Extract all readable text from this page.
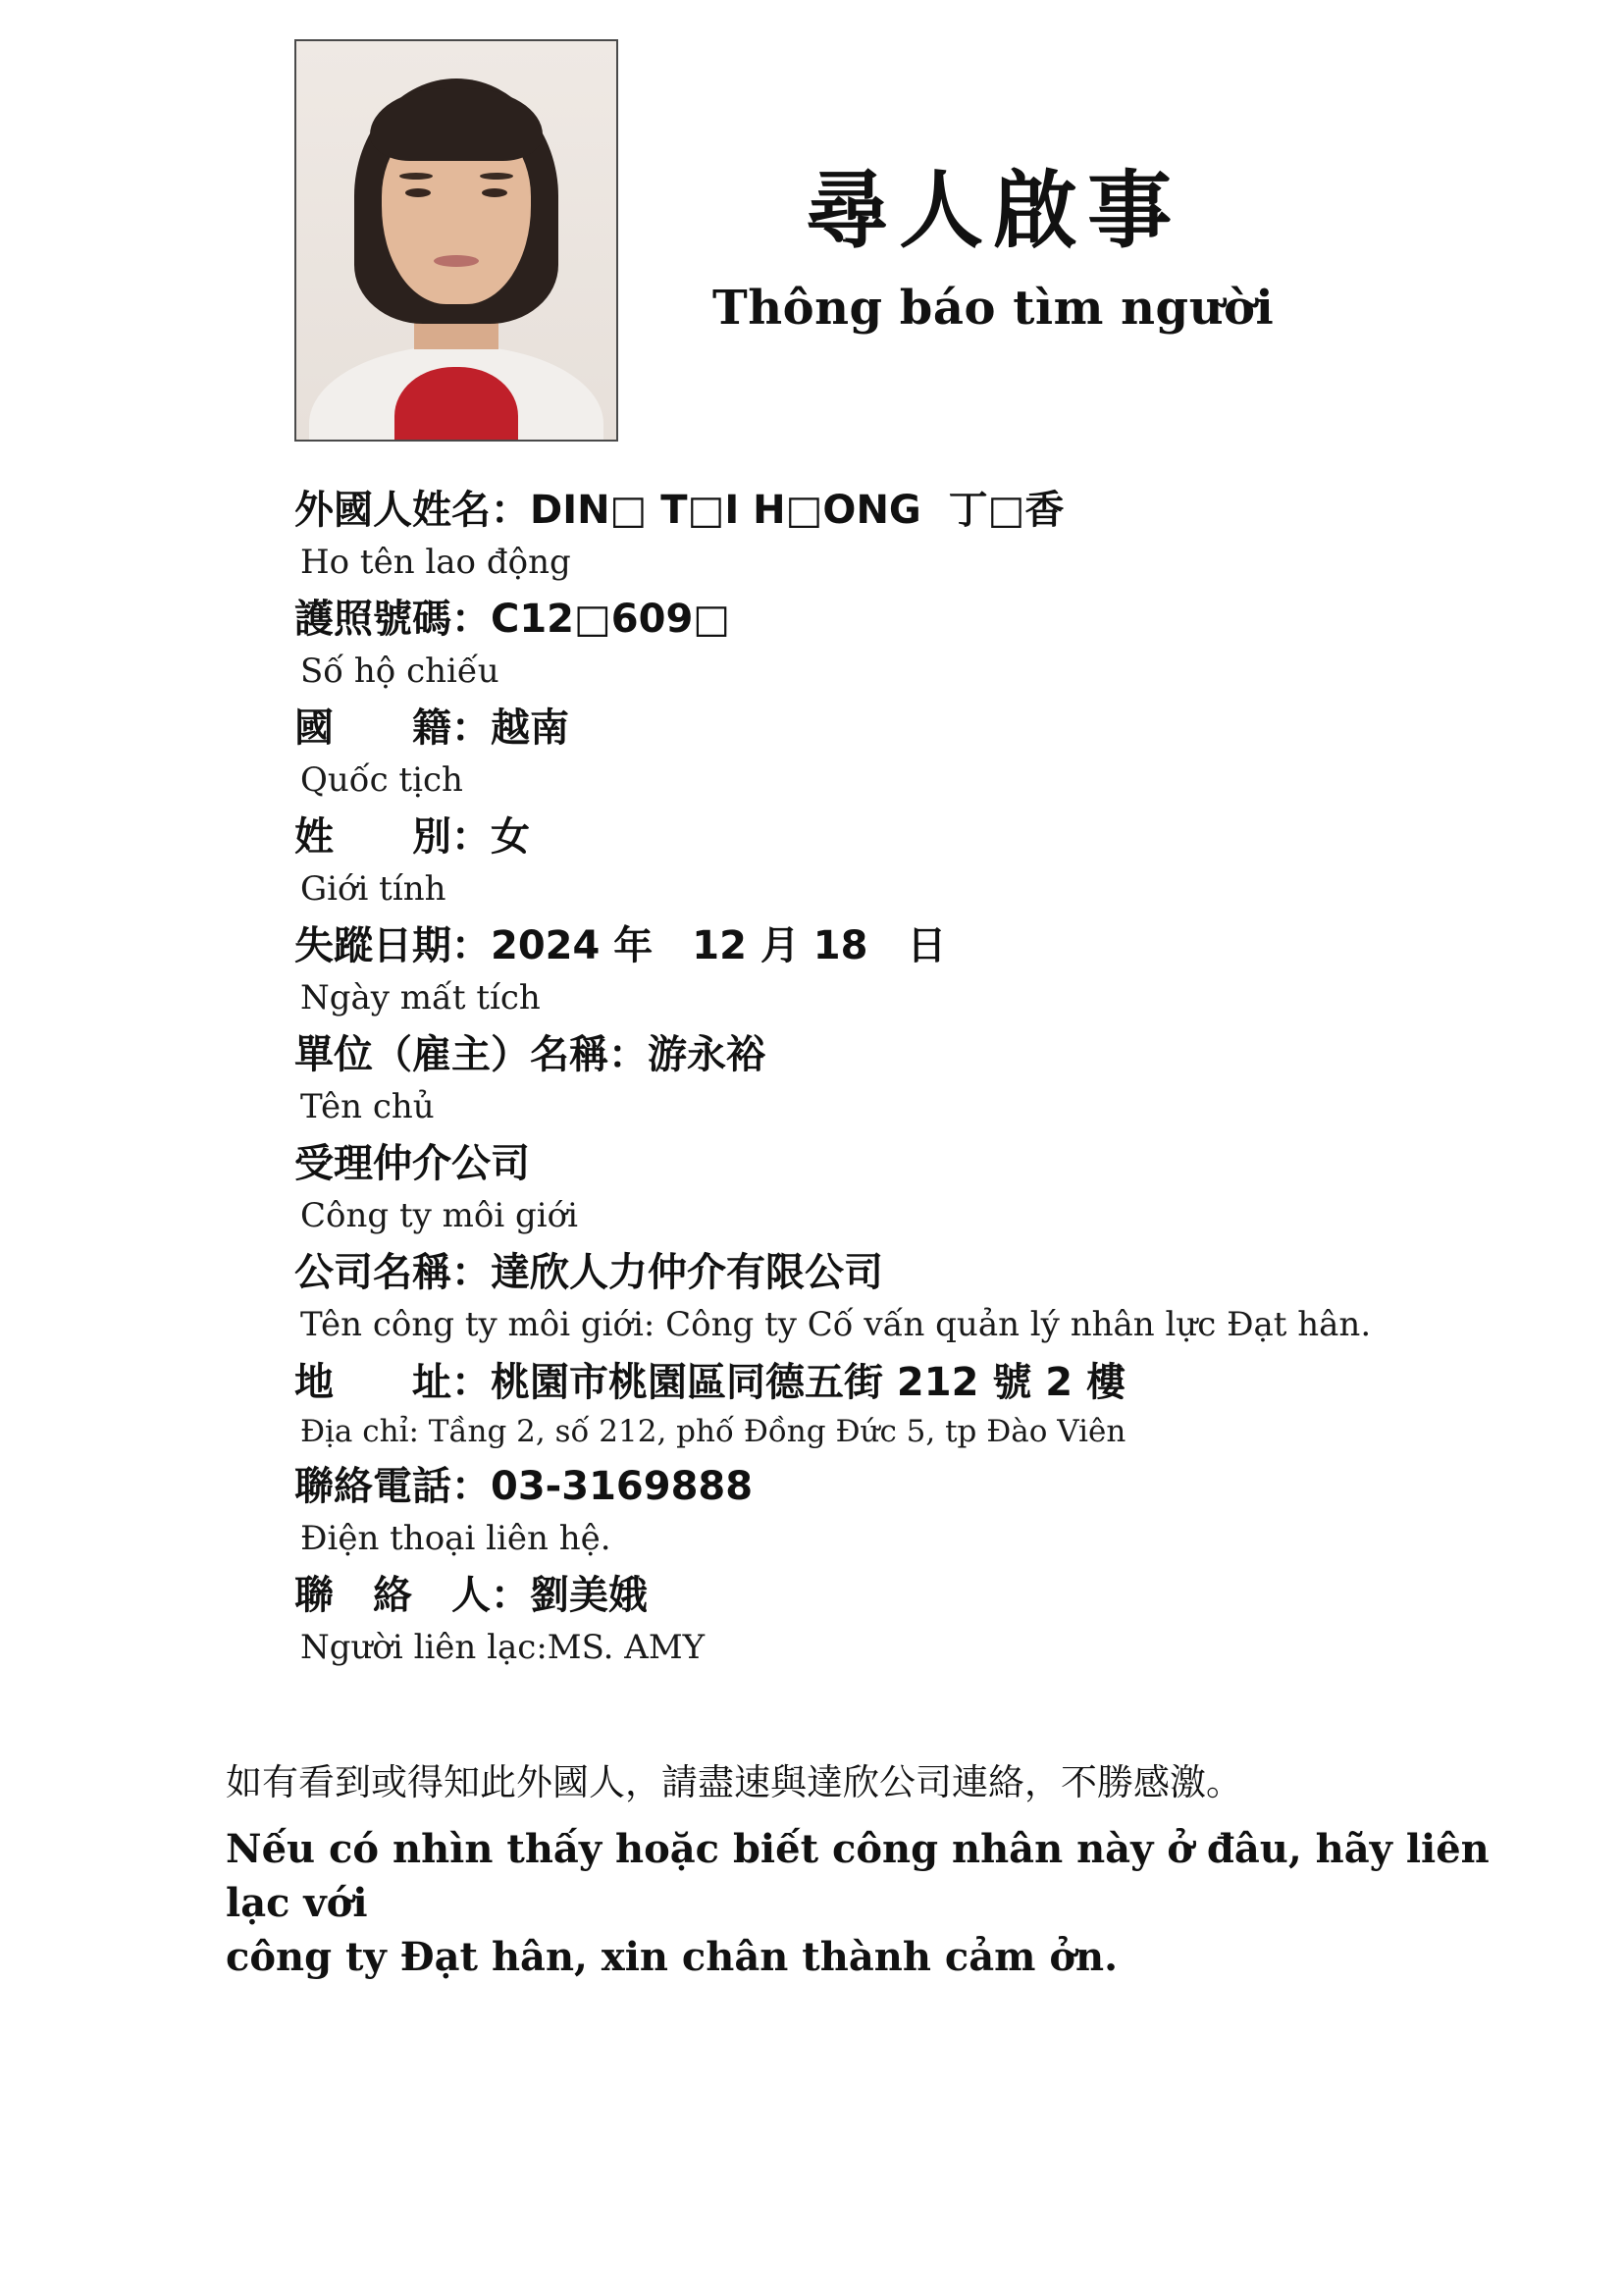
尋人啟事
Thông báo tìm người
外國人姓名：DIN□ T□I H□ONG  丁□香
Ho tên lao động
護照號碼：C12□609□
Số hộ chiếu
國　　籍：越南
Quốc tịch
姓　　別：女
Giới tính
失蹤日期：2024 年　12 月 18　日
Ngày mất tích
單位（雇主）名稱：游永裕
Tên chủ
受理仲介公司
Công ty môi giới
公司名稱：達欣人力仲介有限公司
Tên công ty môi giới: Công ty Cố vấn quản lý nhân lực Đạt hân.
地　　址：桃園市桃園區同德五街 212 號 2 樓
Địa chỉ: Tầng 2, số 212, phố Đồng Đức 5, tp Đào Viên
聯絡電話：03-3169888
Điện thoại liên hệ.
聯　絡　人：劉美娥
Người liên lạc:MS. AMY
如有看到或得知此外國人，請盡速與達欣公司連絡，不勝感激。
Nếu có nhìn thấy hoặc biết công nhân này ở đâu, hãy liên lạc với
công ty Đạt hân, xin chân thành cảm ởn.
